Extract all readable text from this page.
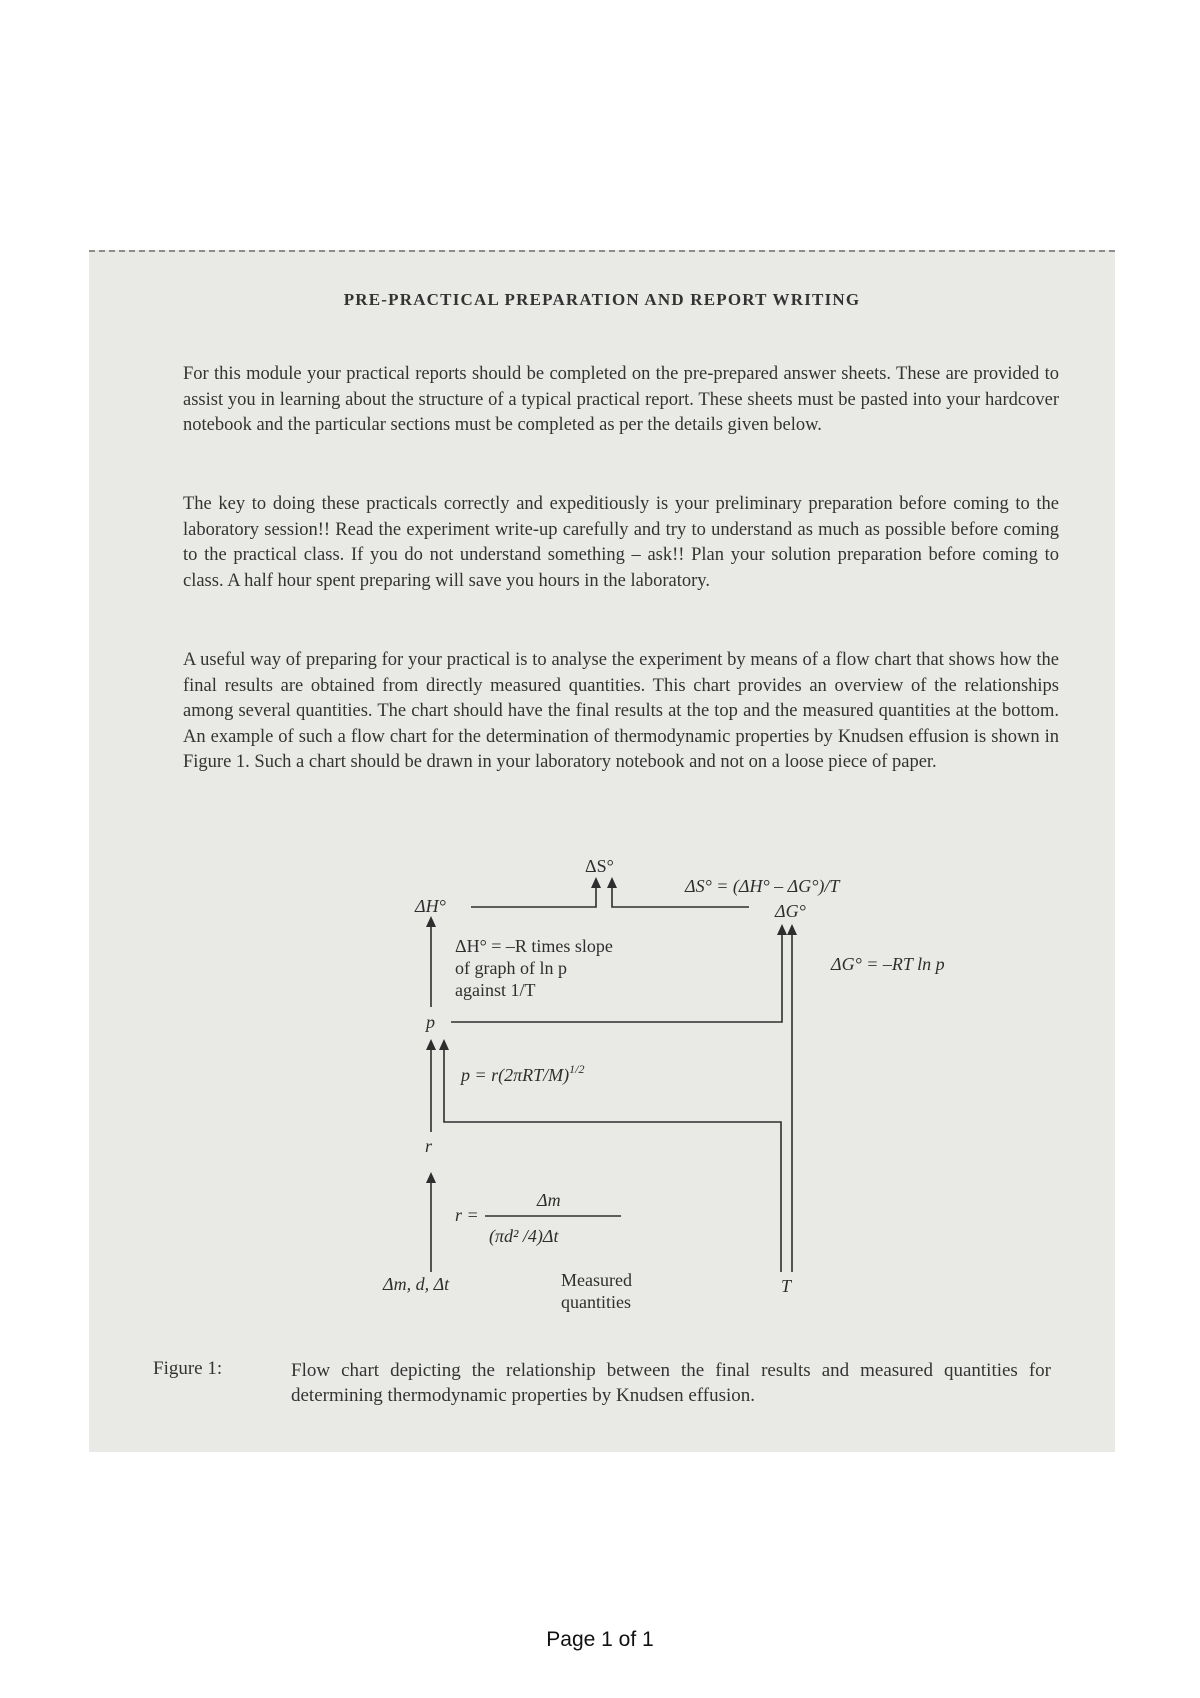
PRE-PRACTICAL PREPARATION AND REPORT WRITING
For this module your practical reports should be completed on the pre-prepared answer sheets. These are provided to assist you in learning about the structure of a typical practical report. These sheets must be pasted into your hardcover notebook and the particular sections must be completed as per the details given below.
The key to doing these practicals correctly and expeditiously is your preliminary preparation before coming to the laboratory session!! Read the experiment write-up carefully and try to understand as much as possible before coming to the practical class. If you do not understand something – ask!! Plan your solution preparation before coming to class. A half hour spent preparing will save you hours in the laboratory.
A useful way of preparing for your practical is to analyse the experiment by means of a flow chart that shows how the final results are obtained from directly measured quantities. This chart provides an overview of the relationships among several quantities. The chart should have the final results at the top and the measured quantities at the bottom. An example of such a flow chart for the determination of thermodynamic properties by Knudsen effusion is shown in Figure 1. Such a chart should be drawn in your laboratory notebook and not on a loose piece of paper.
ΔS°
ΔS° = (ΔH° – ΔG°)/T
ΔH°	ΔG°
ΔH° = –R times slope
of graph of ln p
against 1/T
ΔG° = –RT ln p
p
$p = r(2\pi RT/M)^{1/2}$
r
r =
Δm
(πd² /4)Δt
Δm, d, Δt	Measured
quantities
T
Figure 1:	Flow chart depicting the relationship between the final results and measured quantities for determining thermodynamic properties by Knudsen effusion.
Page 1 of 1
